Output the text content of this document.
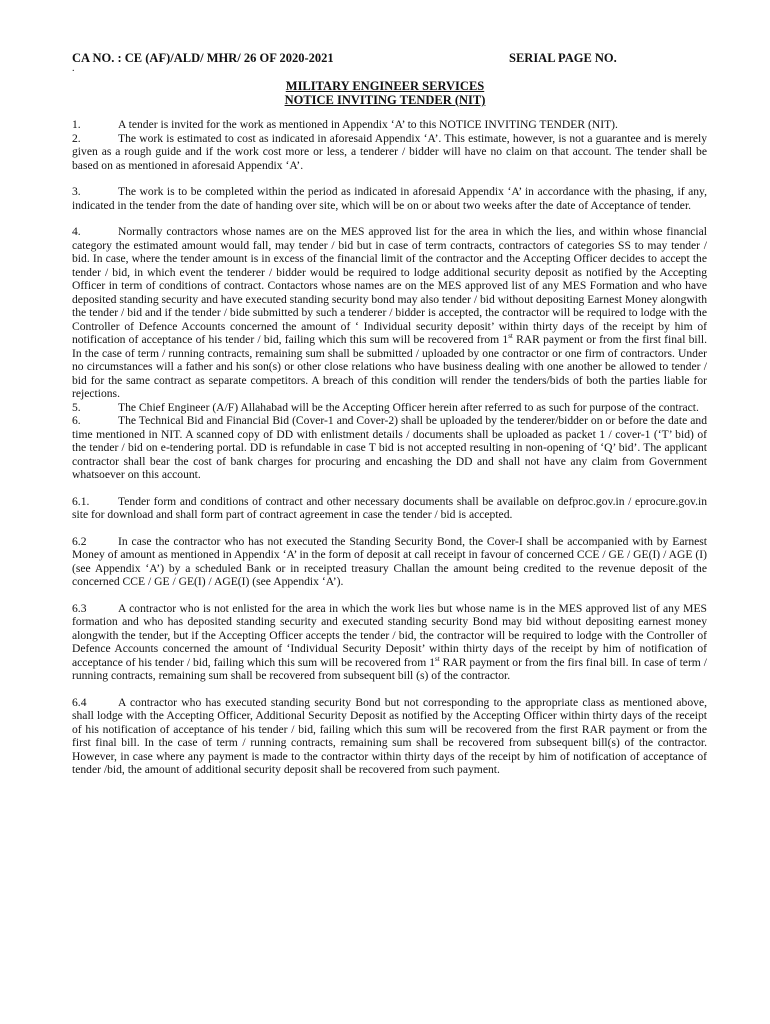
CA NO. : CE (AF)/ALD/ MHR/ 26 OF 2020-2021	SERIAL PAGE NO.
.
MILITARY ENGINEER SERVICES
NOTICE INVITING TENDER (NIT)

1.	A tender is invited for the work as mentioned in Appendix ‘A’ to this NOTICE INVITING TENDER (NIT).

2.	The work is estimated to cost as indicated in aforesaid Appendix ‘A’. This estimate, however, is not a guarantee and is merely given as a rough guide and if the work cost more or less, a tenderer / bidder will have no claim on that account. The tender shall be based on as mentioned in aforesaid Appendix ‘A’.

3.	The work is to be completed within the period as indicated in aforesaid Appendix ‘A’ in accordance with the phasing, if any, indicated in the tender from the date of handing over site, which will be on or about two weeks after the date of Acceptance of tender.

4.	Normally contractors whose names are on the MES approved list for the area in which the lies, and within whose financial category the estimated amount would fall, may tender / bid but in case of term contracts, contractors of categories SS to may tender / bid. In case, where the tender amount is in excess of the financial limit of the contractor and the Accepting Officer decides to accept the tender / bid, in which event the tenderer / bidder would be required to lodge additional security deposit as notified by the Accepting Officer in term of conditions of contract. Contactors whose names are on the MES approved list of any MES Formation and who have deposited standing security and have executed standing security bond may also tender / bid without depositing Earnest Money alongwith the tender / bid and if the tender / bide submitted by such a tenderer / bidder is accepted, the contractor will be required to lodge with the Controller of Defence Accounts concerned the amount of ‘ Individual security deposit’ within thirty days of the receipt by him of notification of acceptance of his tender / bid, failing which this sum will be recovered from 1st RAR payment or from the first final bill. In the case of term / running contracts, remaining sum shall be submitted / uploaded by one contractor or one firm of contractors. Under no circumstances will a father and his son(s) or other close relations who have business dealing with one another be allowed to tender / bid for the same contract as separate competitors. A breach of this condition will render the tenders/bids of both the parties liable for rejections.

5.	The Chief Engineer (A/F) Allahabad will be the Accepting Officer herein after referred to as such for purpose of the contract.

6.	The Technical Bid and Financial Bid (Cover-1 and Cover-2) shall be uploaded by the tenderer/bidder on or before the date and time mentioned in NIT. A scanned copy of DD with enlistment details / documents shall be uploaded as packet 1 / cover-1 (‘T’ bid) of the tender / bid on e-tendering portal. DD is refundable in case T bid is not accepted resulting in non-opening of ‘Q’ bid’. The applicant contractor shall bear the cost of bank charges for procuring and encashing the DD and shall not have any claim from Government whatsoever on this account.

6.1. Tender form and conditions of contract and other necessary documents shall be available on defproc.gov.in / eprocure.gov.in site for download and shall form part of contract agreement in case the tender / bid is accepted.

6.2	In case the contractor who has not executed the Standing Security Bond, the Cover-I shall be accompanied with by Earnest Money of amount as mentioned in Appendix ‘A’ in the form of deposit at call receipt in favour of concerned CCE / GE / GE(I) / AGE (I) (see Appendix ‘A’) by a scheduled Bank or in receipted treasury Challan the amount being credited to the revenue deposit of the concerned CCE / GE / GE(I) / AGE(I) (see Appendix ‘A’).

6.3	A contractor who is not enlisted for the area in which the work lies but whose name is in the MES approved list of any MES formation and who has deposited standing security and executed standing security Bond may bid without depositing earnest money alongwith the tender, but if the Accepting Officer accepts the tender / bid, the contractor will be required to lodge with the Controller of Defence Accounts concerned the amount of ‘Individual Security Deposit’ within thirty days of the receipt by him of notification of acceptance of his tender / bid, failing which this sum will be recovered from 1st RAR payment or from the firs final bill. In case of term / running contracts, remaining sum shall be recovered from subsequent bill (s) of the contractor.

6.4	A contractor who has executed standing security Bond but not corresponding to the appropriate class as mentioned above, shall lodge with the Accepting Officer, Additional Security Deposit as notified by the Accepting Officer within thirty days of the receipt of his notification of acceptance of his tender / bid, failing which this sum will be recovered from the first RAR payment or from the first final bill. In the case of term / running contracts, remaining sum shall be recovered from subsequent bill(s) of the contractor. However, in case where any payment is made to the contractor within thirty days of the receipt by him of notification of acceptance of tender /bid, the amount of additional security deposit shall be recovered from such payment.
